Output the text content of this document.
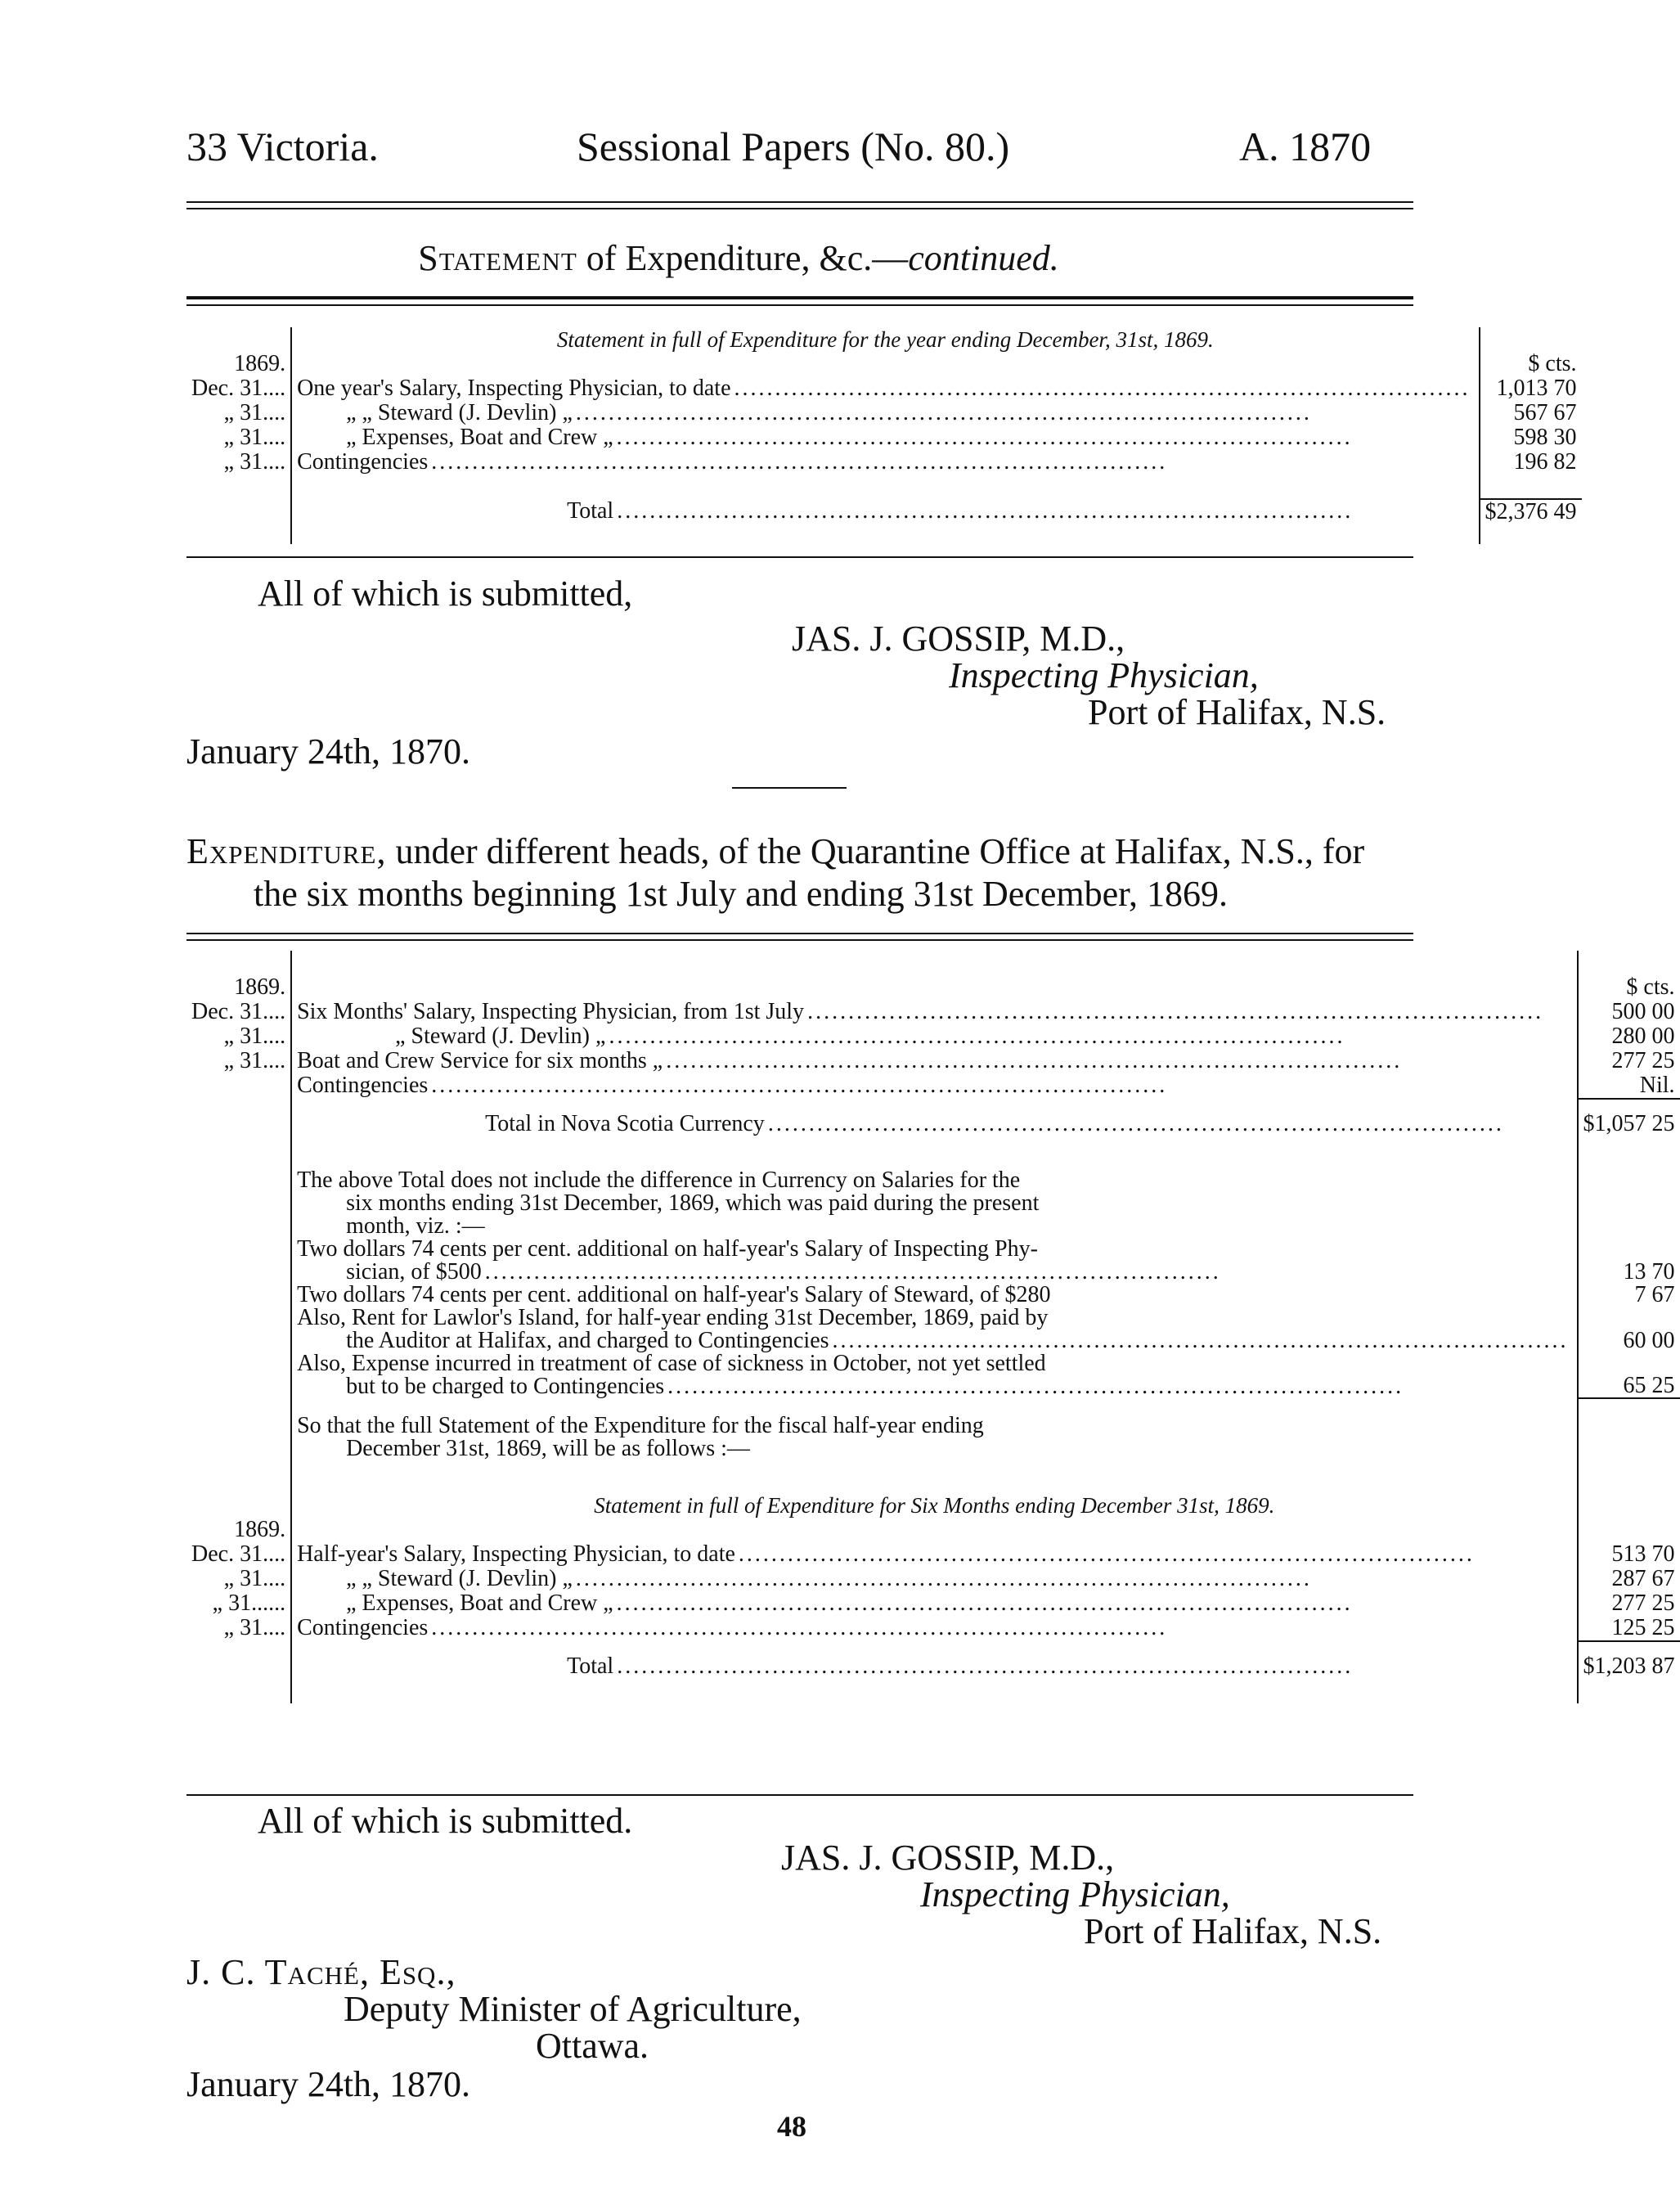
33 Victoria.	Sessional Papers (No. 80.)	A. 1870
Statement of Expenditure, &c.—continued.
	Statement in full of Expenditure for the year ending December, 31st, 1869.	
1869.		$ cts.
Dec. 31....	One year's Salary, Inspecting Physician, to date ..........................................................................................	1,013 70
„ 31....	„ „ Steward (J. Devlin) „ ..........................................................................................	567 67
„ 31....	„ Expenses, Boat and Crew „ ..........................................................................................	598 30
„ 31....	Contingencies ..........................................................................................	196 82

	Total ..........................................................................................	$2,376 49

All of which is submitted,
JAS. J. GOSSIP, M.D.,
Inspecting Physician,
Port of Halifax, N.S.
January 24th, 1870.
Expenditure, under different heads, of the Quarantine Office at Halifax, N.S., for
the six months beginning 1st July and ending 31st December, 1869.

1869.		$ cts.
Dec. 31....	Six Months' Salary, Inspecting Physician, from 1st July ..........................................................................................	500 00
„ 31....	„ Steward (J. Devlin) „ ..........................................................................................	280 00
„ 31....	Boat and Crew Service for six months „ ..........................................................................................	277 25

	Contingencies ..........................................................................................	Nil.

	Total in Nova Scotia Currency ..........................................................................................	$1,057 25

	The above Total does not include the difference in Currency on Salaries for the
six months ending 31st December, 1869, which was paid during the present
month, viz. :—	

	Two dollars 74 cents per cent. additional on half-year's Salary of Inspecting Phy-
sician, of $500 ..........................................................................................	13 70
	Two dollars 74 cents per cent. additional on half-year's Salary of Steward, of $280	7 67

	Also, Rent for Lawlor's Island, for half-year ending 31st December, 1869, paid by
the Auditor at Halifax, and charged to Contingencies ..........................................................................................	60 00

	Also, Expense incurred in treatment of case of sickness in October, not yet settled
but to be charged to Contingencies ..........................................................................................	65 25

	So that the full Statement of the Expenditure for the fiscal half-year ending
December 31st, 1869, will be as follows :—	

	Statement in full of Expenditure for Six Months ending December 31st, 1869.	
1869.		
Dec. 31....	Half-year's Salary, Inspecting Physician, to date ..........................................................................................	513 70
„ 31....	„ „ Steward (J. Devlin) „ ..........................................................................................	287 67
„ 31......	„ Expenses, Boat and Crew „ ..........................................................................................	277 25
„ 31....	Contingencies ..........................................................................................	125 25

	Total ..........................................................................................	$1,203 87

All of which is submitted.
JAS. J. GOSSIP, M.D.,
Inspecting Physician,
Port of Halifax, N.S.
J. C. Taché, Esq.,
Deputy Minister of Agriculture,
Ottawa.
January 24th, 1870.
48
